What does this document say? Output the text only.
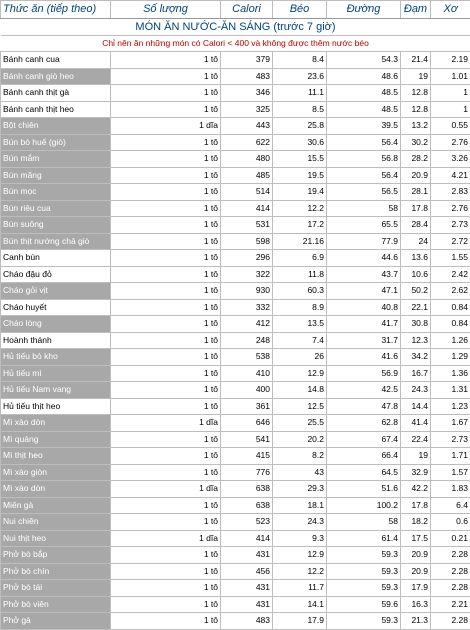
Thức ăn (tiếp theo)	Số lượng	Calori	Béo	Đường	Đạm	Xơ
MÓN ĂN NƯỚC-ĂN SÁNG (trước 7 giờ)						
Chỉ nên ăn những món có Calori < 400 và không được thêm nước béo						
Bánh canh cua	1 tô	379	8.4	54.3	21.4	2.19
Bánh canh giò heo	1 tô	483	23.6	48.6	19	1.01
Bánh canh thịt gà	1 tô	346	11.1	48.5	12.8	1
Bánh canh thịt heo	1 tô	325	8.5	48.5	12.8	1
Bột chiên	1 dĩa	443	25.8	39.5	13.2	0.55
Bún bò huế (giò)	1 tô	622	30.6	56.4	30.2	2.76
Bún mắm	1 tô	480	15.5	56.8	28.2	3.26
Bún măng	1 tô	485	19.5	56.4	20.9	4.21
Bún mọc	1 tô	514	19.4	56.5	28.1	2.83
Bún riêu cua	1 tô	414	12.2	58	17.8	2.76
Bún suông	1 tô	531	17.2	65.5	28.4	2.73
Bún thịt nướng chả giò	1 tô	598	21.16	77.9	24	2.72
Canh bún	1 tô	296	6.9	44.6	13.6	1.55
Cháo đậu đỏ	1 tô	322	11.8	43.7	10.6	2.42
Cháo gỏi vịt	1 tô	930	60.3	47.1	50.2	2.62
Cháo huyết	1 tô	332	8.9	40.8	22.1	0.84
Cháo lòng	1 tô	412	13.5	41.7	30.8	0.84
Hoành thánh	1 tô	248	7.4	31.7	12.3	1.26
Hủ tiếu bò kho	1 tô	538	26	41.6	34.2	1.29
Hủ tiếu mì	1 tô	410	12.9	56.9	16.7	1.36
Hủ tiếu Nam vang	1 tô	400	14.8	42.5	24.3	1.31
Hủ tiếu thịt heo	1 tô	361	12.5	47.8	14.4	1.23
Mì xào dòn	1 dĩa	646	25.5	62.8	41.4	1.67
Mì quảng	1 tô	541	20.2	67.4	22.4	2.73
Mì thịt heo	1 tô	415	8.2	66.4	19	1.71
Mì xào giòn	1 tô	776	43	64.5	32.9	1.57
Mì xào dòn	1 dĩa	638	29.3	51.6	42.2	1.83
Miến gà	1 tô	638	18.1	100.2	17.8	6.4
Nui chiên	1 tô	523	24.3	58	18.2	0.6
Nui thịt heo	1 dĩa	414	9.3	61.4	17.5	0.21
Phở bò bắp	1 tô	431	12.9	59.3	20.9	2.28
Phở bò chín	1 tô	456	12.2	59.3	20.9	2.28
Phở bò tái	1 tô	431	11.7	59.3	17.9	2.28
Phở bò viên	1 tô	431	14.1	59.6	16.3	2.21
Phở gà	1 tô	483	17.9	59.3	21.3	2.28
